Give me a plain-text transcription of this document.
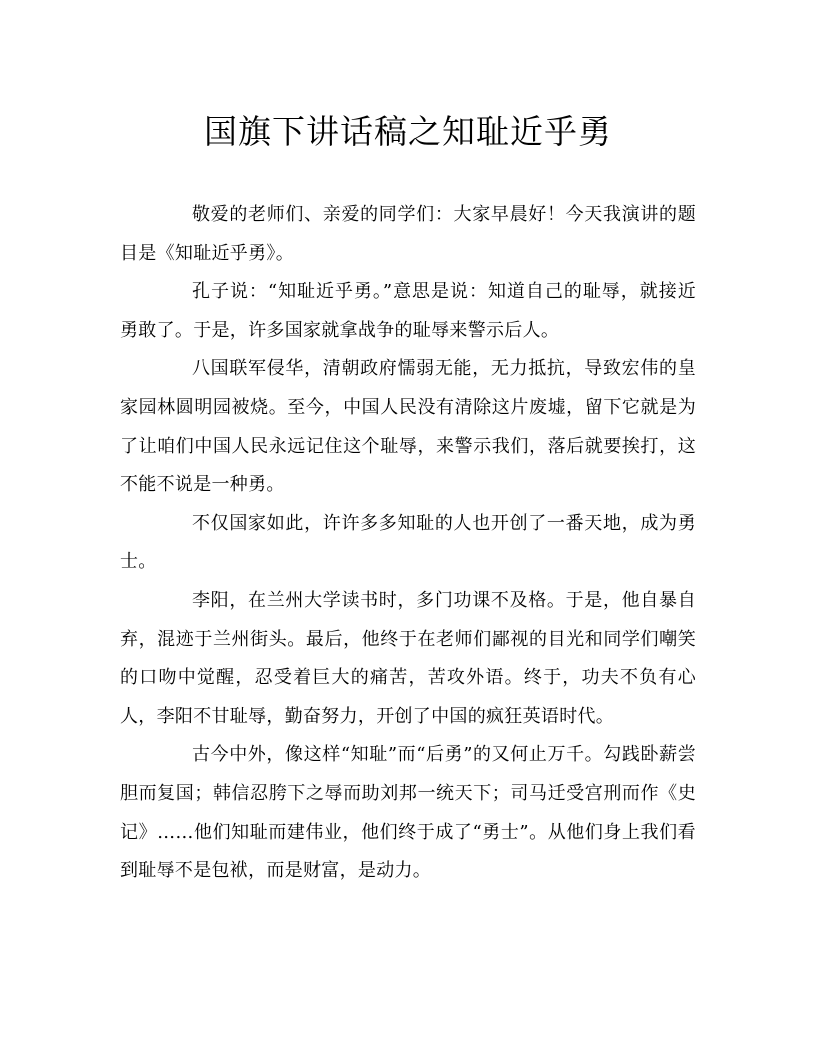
国旗下讲话稿之知耻近乎勇

敬爱的老师们、亲爱的同学们：大家早晨好！今天我演讲的题目是《知耻近乎勇》。

孔子说：“知耻近乎勇。”意思是说：知道自己的耻辱，就接近勇敢了。于是，许多国家就拿战争的耻辱来警示后人。

八国联军侵华，清朝政府懦弱无能，无力抵抗，导致宏伟的皇家园林圆明园被烧。至今，中国人民没有清除这片废墟，留下它就是为了让咱们中国人民永远记住这个耻辱，来警示我们，落后就要挨打，这不能不说是一种勇。

不仅国家如此，许许多多知耻的人也开创了一番天地，成为勇士。

李阳，在兰州大学读书时，多门功课不及格。于是，他自暴自弃，混迹于兰州街头。最后，他终于在老师们鄙视的目光和同学们嘲笑的口吻中觉醒，忍受着巨大的痛苦，苦攻外语。终于，功夫不负有心人，李阳不甘耻辱，勤奋努力，开创了中国的疯狂英语时代。

古今中外，像这样“知耻”而“后勇”的又何止万千。勾践卧薪尝胆而复国；韩信忍胯下之辱而助刘邦一统天下；司马迁受宫刑而作《史记》……他们知耻而建伟业，他们终于成了“勇士”。从他们身上我们看到耻辱不是包袱，而是财富，是动力。
